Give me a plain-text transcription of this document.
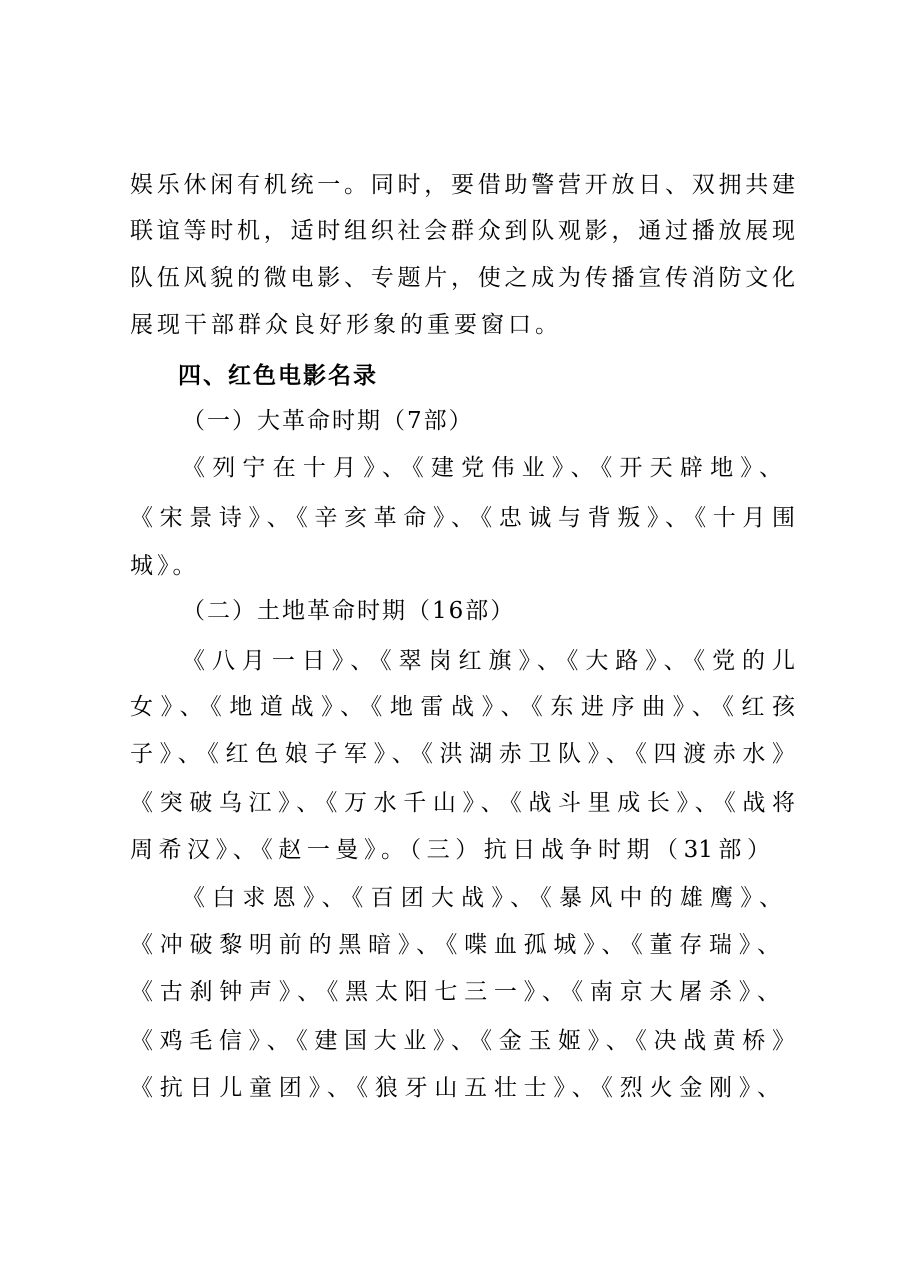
娱乐休闲有机统一。同时，要借助警营开放日、双拥共建
联谊等时机，适时组织社会群众到队观影，通过播放展现
队伍风貌的微电影、专题片，使之成为传播宣传消防文化
展现干部群众良好形象的重要窗口。
四、红色电影名录
（一）大革命时期（7部）
《列宁在十月》、《建党伟业》、《开天辟地》、
《宋景诗》、《辛亥革命》、《忠诚与背叛》、《十月围
城》。
（二）土地革命时期（16部）
《八月一日》、《翠岗红旗》、《大路》、《党的儿
女》、《地道战》、《地雷战》、《东进序曲》、《红孩
子》、《红色娘子军》、《洪湖赤卫队》、《四渡赤水》
《突破乌江》、《万水千山》、《战斗里成长》、《战将
周希汉》、《赵一曼》。（三）抗日战争时期（31部）
《白求恩》、《百团大战》、《暴风中的雄鹰》、
《冲破黎明前的黑暗》、《喋血孤城》、《董存瑞》、
《古刹钟声》、《黑太阳七三一》、《南京大屠杀》、
《鸡毛信》、《建国大业》、《金玉姬》、《决战黄桥》
《抗日儿童团》、《狼牙山五壮士》、《烈火金刚》、
